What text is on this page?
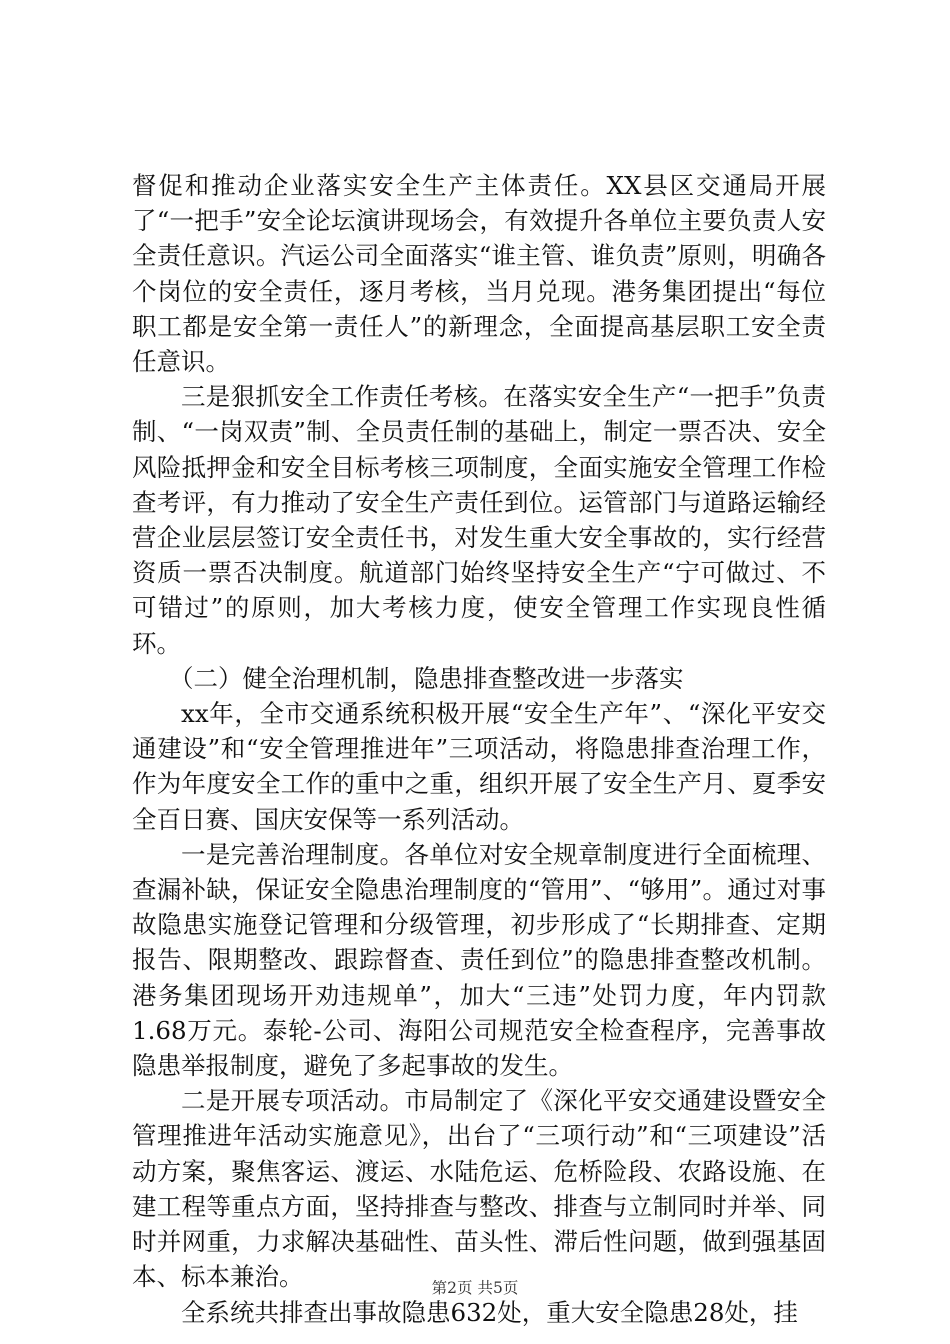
督促和推动企业落实安全生产主体责任。XX县区交通局开展了“一把手”安全论坛演讲现场会，有效提升各单位主要负责人安全责任意识。汽运公司全面落实“谁主管、谁负责”原则，明确各个岗位的安全责任，逐月考核，当月兑现。港务集团提出“每位职工都是安全第一责任人”的新理念，全面提高基层职工安全责任意识。

三是狠抓安全工作责任考核。在落实安全生产“一把手”负责制、“一岗双责”制、全员责任制的基础上，制定一票否决、安全风险抵押金和安全目标考核三项制度，全面实施安全管理工作检查考评，有力推动了安全生产责任到位。运管部门与道路运输经营企业层层签订安全责任书，对发生重大安全事故的，实行经营资质一票否决制度。航道部门始终坚持安全生产“宁可做过、不可错过”的原则，加大考核力度，使安全管理工作实现良性循环。

（二）健全治理机制，隐患排查整改进一步落实

xx年，全市交通系统积极开展“安全生产年”、“深化平安交通建设”和“安全管理推进年”三项活动，将隐患排查治理工作，作为年度安全工作的重中之重，组织开展了安全生产月、夏季安全百日赛、国庆安保等一系列活动。

一是完善治理制度。各单位对安全规章制度进行全面梳理、查漏补缺，保证安全隐患治理制度的“管用”、“够用”。通过对事故隐患实施登记管理和分级管理，初步形成了“长期排查、定期报告、限期整改、跟踪督查、责任到位”的隐患排查整改机制。港务集团现场开劝违规单”，加大“三违”处罚力度，年内罚款1.68万元。泰轮-公司、海阳公司规范安全检查程序，完善事故隐患举报制度，避免了多起事故的发生。

二是开展专项活动。市局制定了《深化平安交通建设暨安全管理推进年活动实施意见》，出台了“三项行动”和“三项建设”活动方案，聚焦客运、渡运、水陆危运、危桥险段、农路设施、在建工程等重点方面，坚持排查与整改、排查与立制同时并举、同时并网重，力求解决基础性、苗头性、滞后性问题，做到强基固本、标本兼治。

全系统共排查出事故隐患632处，重大安全隐患28处，挂

第2页 共5页
